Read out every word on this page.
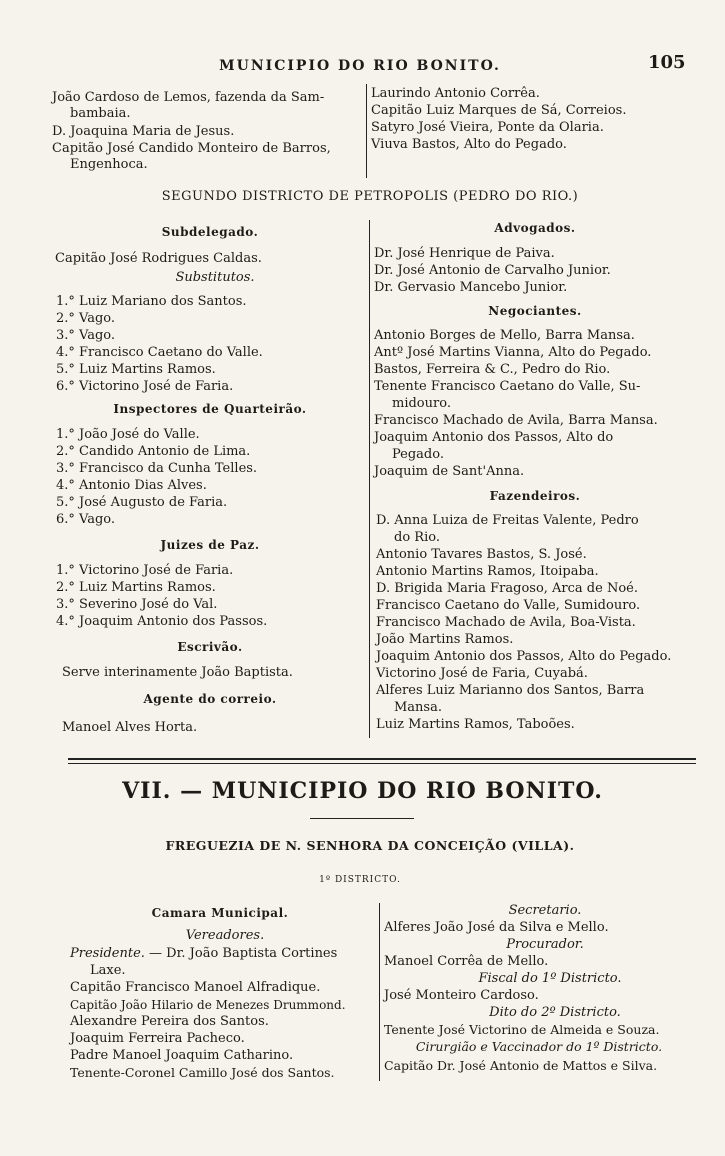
MUNICIPIO DO RIO BONITO.	105
João Cardoso de Lemos, fazenda da Sam-
bambaia.
D. Joaquina Maria de Jesus.
Capitão José Candido Monteiro de Barros,
Engenhoca.
Laurindo Antonio Corrêa.
Capitão Luiz Marques de Sá, Correios.
Satyro José Vieira, Ponte da Olaria.
Viuva Bastos, Alto do Pegado.
SEGUNDO DISTRICTO DE PETROPOLIS (PEDRO DO RIO.)
Subdelegado.
Capitão José Rodrigues Caldas.
Substitutos.
1.° Luiz Mariano dos Santos.
2.° Vago.
3.° Vago.
4.° Francisco Caetano do Valle.
5.° Luiz Martins Ramos.
6.° Victorino José de Faria.
Inspectores de Quarteirão.
1.° João José do Valle.
2.° Candido Antonio de Lima.
3.° Francisco da Cunha Telles.
4.° Antonio Dias Alves.
5.° José Augusto de Faria.
6.° Vago.
Juizes de Paz.
1.° Victorino José de Faria.
2.° Luiz Martins Ramos.
3.° Severino José do Val.
4.° Joaquim Antonio dos Passos.
Escrivão.
Serve interinamente João Baptista.
Agente do correio.
Manoel Alves Horta.
Advogados.
Dr. José Henrique de Paiva.
Dr. José Antonio de Carvalho Junior.
Dr. Gervasio Mancebo Junior.
Negociantes.
Antonio Borges de Mello, Barra Mansa.
Antº José Martins Vianna, Alto do Pegado.
Bastos, Ferreira & C., Pedro do Rio.
Tenente Francisco Caetano do Valle, Su-
midouro.
Francisco Machado de Avila, Barra Mansa.
Joaquim Antonio dos Passos, Alto do
Pegado.
Joaquim de Sant'Anna.
Fazendeiros.
D. Anna Luiza de Freitas Valente, Pedro
do Rio.
Antonio Tavares Bastos, S. José.
Antonio Martins Ramos, Itoipaba.
D. Brigida Maria Fragoso, Arca de Noé.
Francisco Caetano do Valle, Sumidouro.
Francisco Machado de Avila, Boa-Vista.
João Martins Ramos.
Joaquim Antonio dos Passos, Alto do Pegado.
Victorino José de Faria, Cuyabá.
Alferes Luiz Marianno dos Santos, Barra
Mansa.
Luiz Martins Ramos, Taboões.
VII. — MUNICIPIO DO RIO BONITO.
FREGUEZIA DE N. SENHORA DA CONCEIÇÃO (VILLA).
1º DISTRICTO.
Camara Municipal.
Vereadores.
Presidente. — Dr. João Baptista Cortines
Laxe.
Capitão Francisco Manoel Alfradique.
Capitão João Hilario de Menezes Drummond.
Alexandre Pereira dos Santos.
Joaquim Ferreira Pacheco.
Padre Manoel Joaquim Catharino.
Tenente-Coronel Camillo José dos Santos.
Secretario.
Alferes João José da Silva e Mello.
Procurador.
Manoel Corrêa de Mello.
Fiscal do 1º Districto.
José Monteiro Cardoso.
Dito do 2º Districto.
Tenente José Victorino de Almeida e Souza.
Cirurgião e Vaccinador do 1º Districto.
Capitão Dr. José Antonio de Mattos e Silva.
